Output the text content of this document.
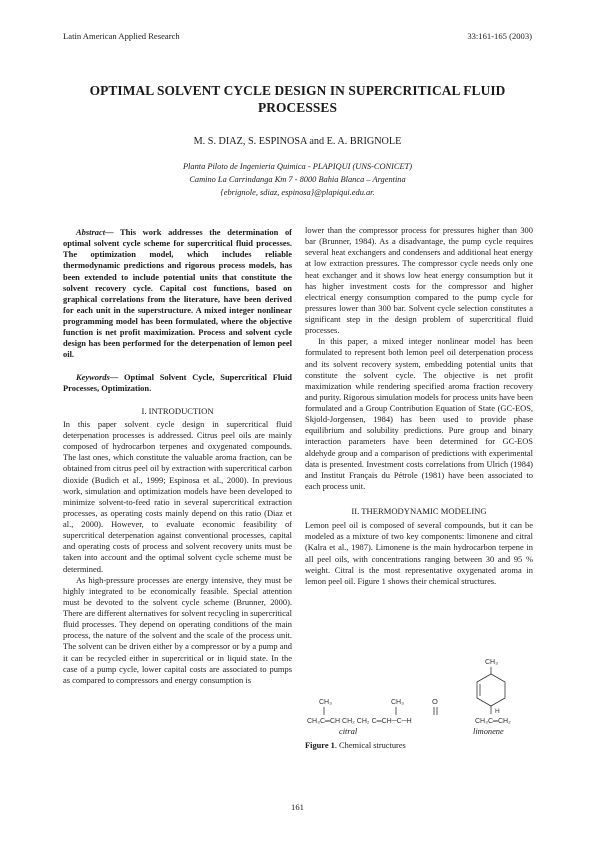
Latin American Applied Research	33:161-165 (2003)
OPTIMAL SOLVENT CYCLE DESIGN IN SUPERCRITICAL FLUID PROCESSES
M. S. DIAZ, S. ESPINOSA and E. A. BRIGNOLE
Planta Piloto de Ingenieria Quimica - PLAPIQUI (UNS-CONICET)
Camino La Carrindanga Km 7 - 8000 Bahia Blanca – Argentina
{ebrignole, sdiaz, espinosa}@plapiqui.edu.ar.

Abstract— This work addresses the determination of optimal solvent cycle scheme for supercritical fluid processes. The optimization model, which includes reliable thermodynamic predictions and rigorous process models, has been extended to include potential units that constitute the solvent recovery cycle. Capital cost functions, based on graphical correlations from the literature, have been derived for each unit in the superstructure. A mixed integer nonlinear programming model has been formulated, where the objective function is net profit maximization. Process and solvent cycle design has been performed for the deterpenation of lemon peel oil.

Keywords— Optimal Solvent Cycle, Supercritical Fluid Processes, Optimization.

I. INTRODUCTION

In this paper solvent cycle design in supercritical fluid deterpenation processes is addressed. Citrus peel oils are mainly composed of hydrocarbon terpenes and oxygenated compounds. The last ones, which constitute the valuable aroma fraction, can be obtained from citrus peel oil by extraction with supercritical carbon dioxide (Budich et al., 1999; Espinosa et al., 2000). In previous work, simulation and optimization models have been developed to minimize solvent-to-feed ratio in several supercritical extraction processes, as operating costs mainly depend on this ratio (Diaz et al., 2000). However, to evaluate economic feasibility of supercritical deterpenation against conventional processes, capital and operating costs of process and solvent recovery units must be taken into account and the optimal solvent cycle scheme must be determined.

As high-pressure processes are energy intensive, they must be highly integrated to be economically feasible. Special attention must be devoted to the solvent cycle scheme (Brunner, 2000). There are different alternatives for solvent recycling in supercritical fluid processes. They depend on operating conditions of the main process, the nature of the solvent and the scale of the process unit. The solvent can be driven either by a compressor or by a pump and it can be recycled either in supercritical or in liquid state. In the case of a pump cycle, lower capital costs are associated to pumps as compared to compressors and energy consumption is

lower than the compressor process for pressures higher than 300 bar (Brunner, 1984). As a disadvantage, the pump cycle requires several heat exchangers and condensers and additional heat energy at low extraction pressures. The compressor cycle needs only one heat exchanger and it shows low heat energy consumption but it has higher investment costs for the compressor and higher electrical energy consumption compared to the pump cycle for pressures lower than 300 bar. Solvent cycle selection constitutes a significant step in the design problem of supercritical fluid processes.

In this paper, a mixed integer nonlinear model has been formulated to represent both lemon peel oil deterpenation process and its solvent recovery system, embedding potential units that constitute the solvent cycle. The objective is net profit maximization while rendering specified aroma fraction recovery and purity. Rigorous simulation models for process units have been formulated and a Group Contribution Equation of State (GC-EOS, Skjold-Jorgensen, 1984) has been used to provide phase equilibrium and solubility predictions. Pure group and binary interaction parameters have been determined for GC-EOS aldehyde group and a comparison of predictions with experimental data is presented. Investment costs correlations from Ulrich (1984) and Institut Français du Pétrole (1981) have been associated to each process unit.

II. THERMODYNAMIC MODELING

Lemon peel oil is composed of several compounds, but it can be modeled as a mixture of two key components: limonene and citral (Kalra et al., 1987). Limonene is the main hydrocarbon terpene in all peel oils, with concentrations ranging between 30 and 95 % weight. Citral is the most representative oxygenated aroma in lemon peel oil. Figure 1 shows their chemical structures.

CH₃	CH₃	O
CH₃C═CH CH₂ CH₂ C═CH─C─H
CH₃
H
CH₃C═CH₂
citral	limonene
Figure 1. Chemical structures
161
